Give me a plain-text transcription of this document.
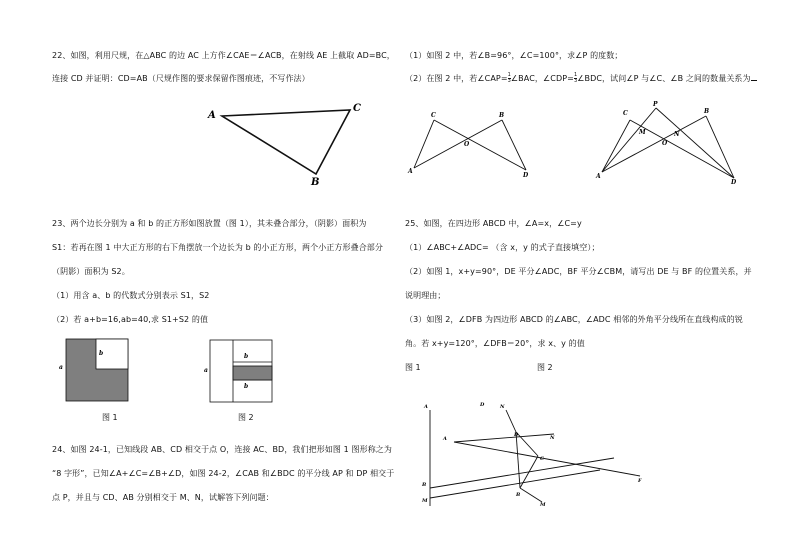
22、如图，利用尺规，在△ABC 的边 AC 上方作∠CAE＝∠ACB，在射线 AE 上截取 AD=BC，
连接 CD 并证明：CD=AB（尺规作图的要求保留作图痕迹，不写作法）
A
C
B
23、两个边长分别为 a 和 b 的正方形如图放置（图 1），其未叠合部分，（阴影）面积为
S1：若再在图 1 中大正方形的右下角摆放一个边长为 b 的小正方形，两个小正方形叠合部分
（阴影）面积为 S2。
（1）用含 a、b 的代数式分别表示 S1，S2
（2）若 a+b=16,ab=40,求 S1+S2 的值
a
b
图 1
a
b
b
图 2
24、如图 24-1，已知线段 AB、CD 相交于点 O，连接 AC、BD，我们把形如图 1 图形称之为
“8 字形”，已知∠A+∠C=∠B+∠D，如图 24-2，∠CAB 和∠BDC 的平分线 AP 和 DP 相交于
点 P，并且与 CD、AB 分别相交于 M、N，试解答下列问题：
（1）如图 2 中，若∠B=96°，∠C=100°，求∠P 的度数；
（2）在图 2 中，若∠CAP= $\frac{1}{3}$ ∠BAC，∠CDP= $\frac{1}{3}$ ∠BDC，试问∠P 与∠C、∠B 之间的数量关系为
C	B
O
A
D
P
C	B
M	N
O
A
D
25、如图，在四边形 ABCD 中，∠A=x，∠C=y
（1）∠ABC+∠ADC= （含 x，y 的式子直接填空）；
（2）如图 1，x+y=90°，DE 平分∠ADC，BF 平分∠CBM，请写出 DE 与 BF 的位置关系，并
说明理由；
（3）如图 2，∠DFB 为四边形 ABCD 的∠ABC，∠ADC 相邻的外角平分线所在直线构成的锐
角。若 x+y=120°，∠DFB＝20°，求 x、y 的值
图 1	图 2
A	D	N
A
D	N
C
F
B
B
M
M
